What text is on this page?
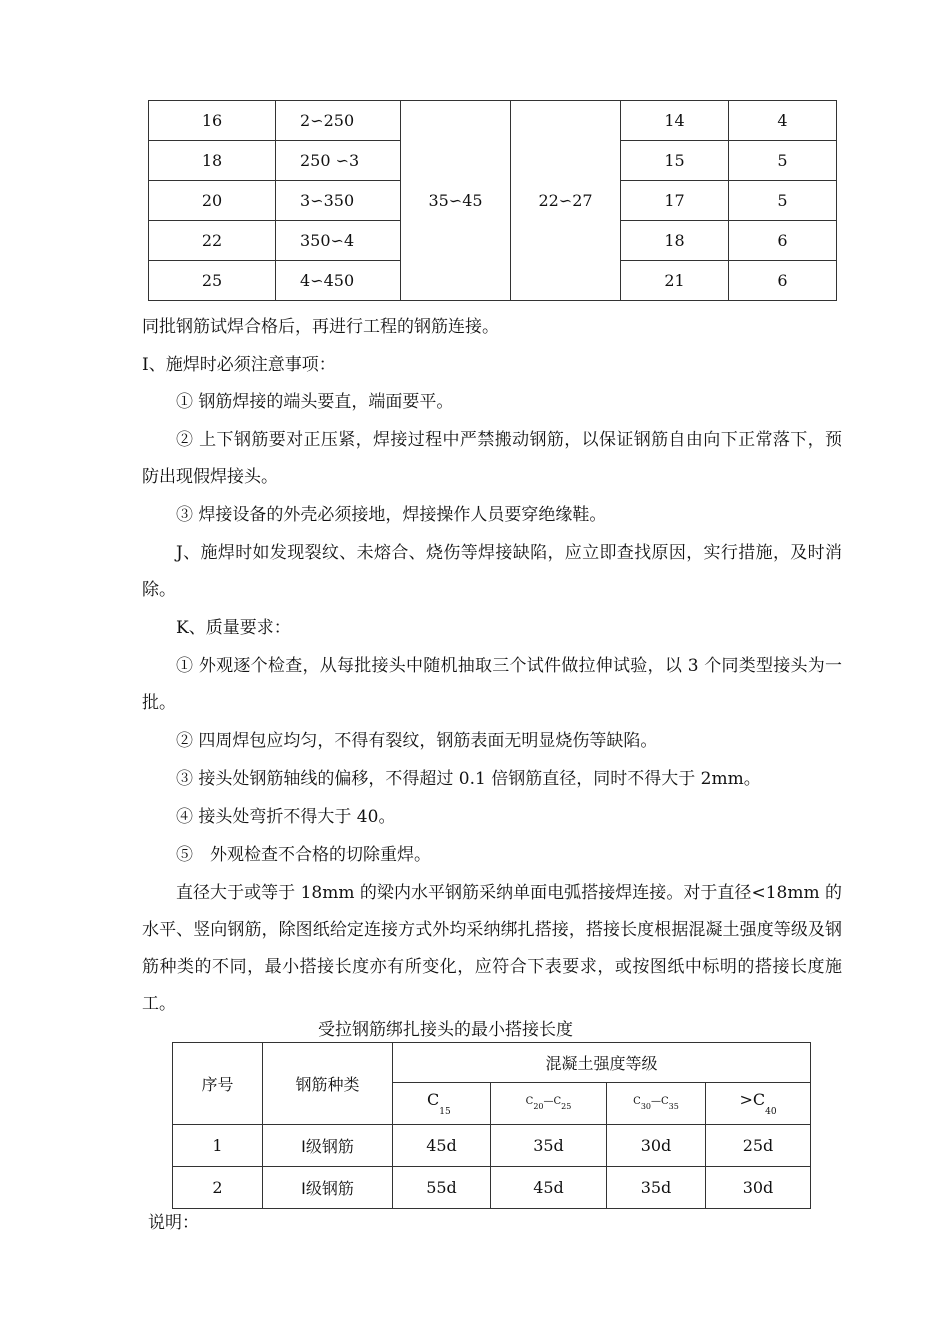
16	2∽250	35∽45	22∽27	14	4
18	250 ∽3			15	5
20	3∽350			17	5
22	350∽4			18	6
25	4∽450			21	6

同批钢筋试焊合格后，再进行工程的钢筋连接。

I、施焊时必须注意事项：

① 钢筋焊接的端头要直，端面要平。

② 上下钢筋要对正压紧，焊接过程中严禁搬动钢筋，以保证钢筋自由向下正常落下，预防出现假焊接头。

③ 焊接设备的外壳必须接地，焊接操作人员要穿绝缘鞋。

J、施焊时如发现裂纹、未熔合、烧伤等焊接缺陷，应立即查找原因，实行措施，及时消除。

K、质量要求：

① 外观逐个检查，从每批接头中随机抽取三个试件做拉伸试验，以 3 个同类型接头为一批。

② 四周焊包应均匀，不得有裂纹，钢筋表面无明显烧伤等缺陷。

③ 接头处钢筋轴线的偏移，不得超过 0.1 倍钢筋直径，同时不得大于 2mm。

④ 接头处弯折不得大于 40。

⑤　外观检查不合格的切除重焊。

直径大于或等于 18mm 的梁内水平钢筋采纳单面电弧搭接焊连接。对于直径<18mm 的水平、竖向钢筋，除图纸给定连接方式外均采纳绑扎搭接，搭接长度根据混凝土强度等级及钢筋种类的不同，最小搭接长度亦有所变化，应符合下表要求，或按图纸中标明的搭接长度施工。

受拉钢筋绑扎接头的最小搭接长度
序号	钢筋种类	混凝土强度等级			
		$C_{15}$	$C_{20}—C_{25}$	$C_{30}—C_{35}$	$>C_{40}$
1	I级钢筋	45d	35d	30d	25d
2	I级钢筋	55d	45d	35d	30d
说明：
